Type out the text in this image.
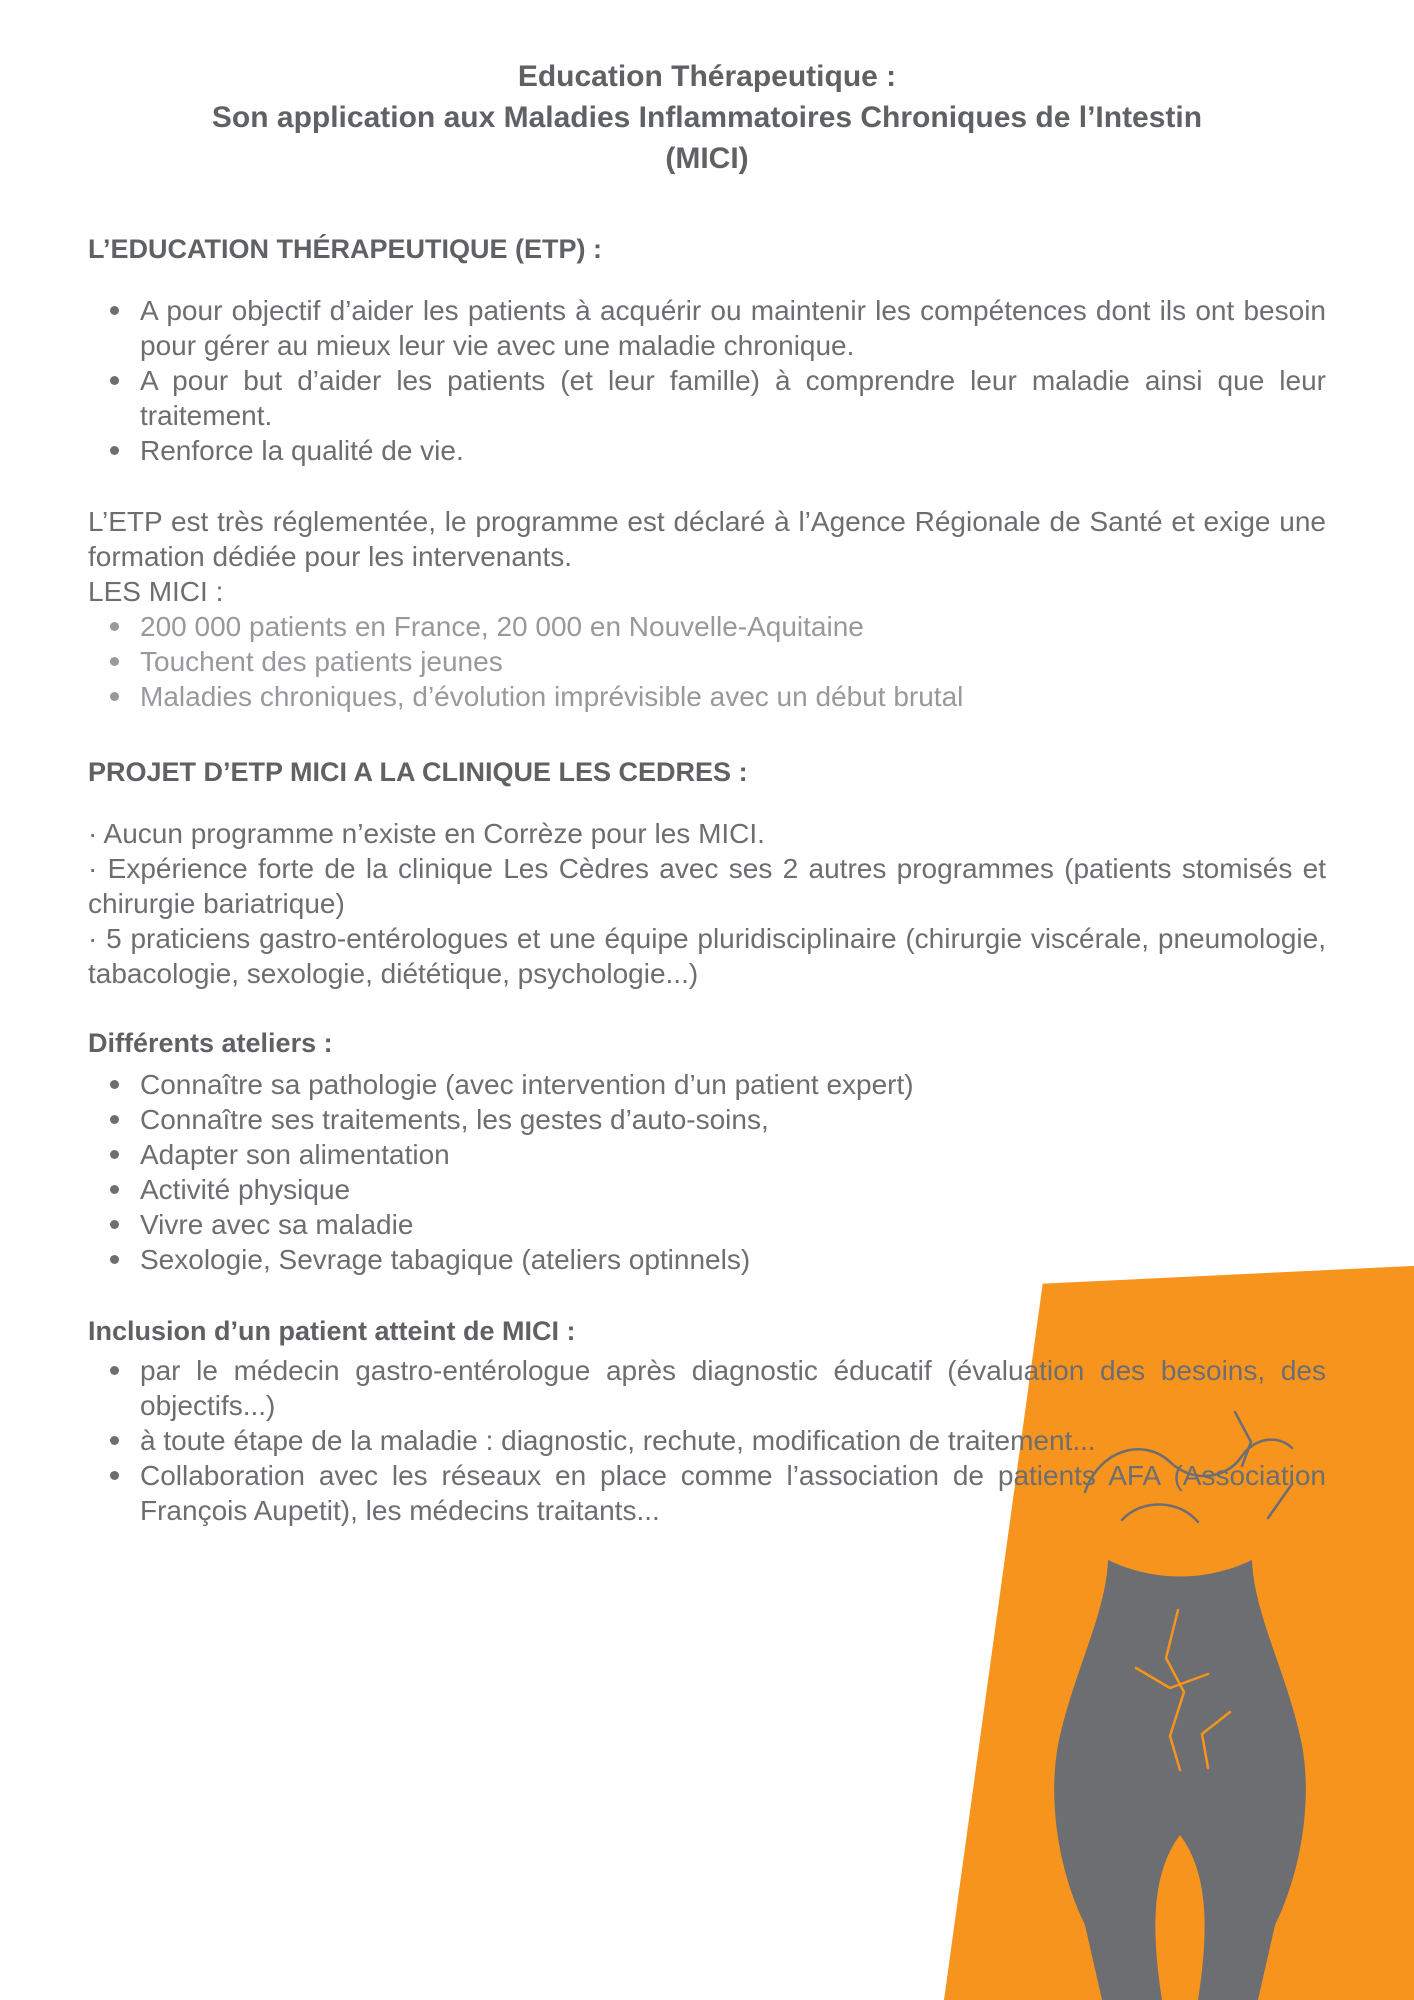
Education Thérapeutique :
Son application aux Maladies Inflammatoires Chroniques de l’Intestin
(MICI)
L’EDUCATION THÉRAPEUTIQUE (ETP) :
A pour objectif d’aider les patients à acquérir ou maintenir les compétences dont ils ont besoin pour gérer au mieux leur vie avec une maladie chronique.
A pour but d’aider les patients (et leur famille) à comprendre leur maladie ainsi que leur traitement.
Renforce la qualité de vie.

L’ETP est très réglementée, le programme est déclaré à l’Agence Régionale de Santé et exige une formation dédiée pour les intervenants.

LES MICI :

200 000 patients en France, 20 000 en Nouvelle-Aquitaine
Touchent des patients jeunes
Maladies chroniques, d’évolution imprévisible avec un début brutal
PROJET D’ETP MICI A LA CLINIQUE LES CEDRES :

· Aucun programme n’existe en Corrèze pour les MICI.

· Expérience forte de la clinique Les Cèdres avec ses 2 autres programmes (patients stomisés et chirurgie bariatrique)

· 5 praticiens gastro-entérologues et une équipe pluridisciplinaire (chirurgie viscérale, pneumologie, tabacologie, sexologie, diététique, psychologie...)

Différents ateliers :
Connaître sa pathologie (avec intervention d’un patient expert)
Connaître ses traitements, les gestes d’auto-soins,
Adapter son alimentation
Activité physique
Vivre avec sa maladie
Sexologie, Sevrage tabagique (ateliers optinnels)
Inclusion d’un patient atteint de MICI :
par le médecin gastro-entérologue après diagnostic éducatif (évaluation des besoins, des objectifs...)
à toute étape de la maladie : diagnostic, rechute, modification de traitement...
Collaboration avec les réseaux en place comme l’association de patients AFA (Association François Aupetit), les médecins traitants...
